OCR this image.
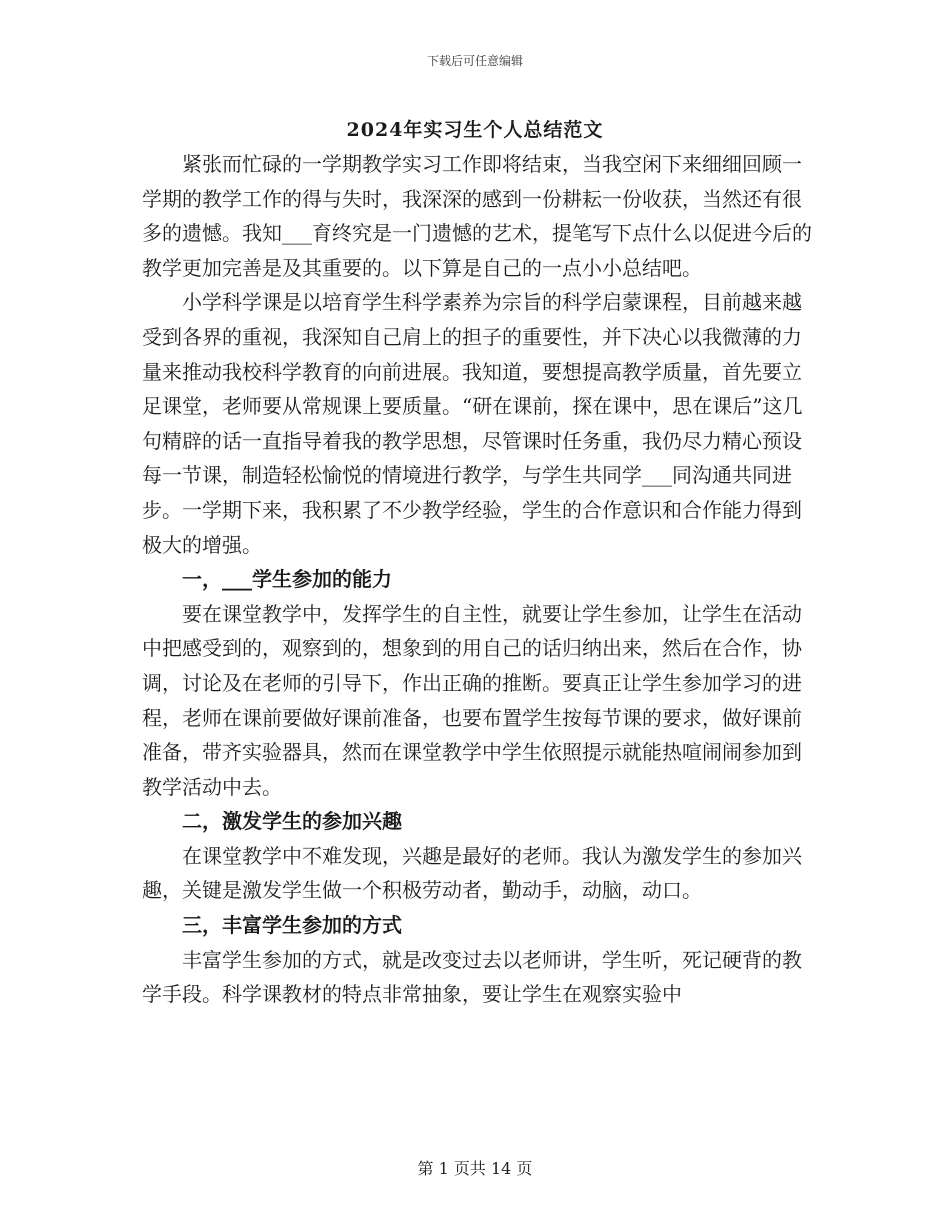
下载后可任意编辑
2024年实习生个人总结范文

紧张而忙碌的一学期教学实习工作即将结束，当我空闲下来细细回顾一学期的教学工作的得与失时，我深深的感到一份耕耘一份收获，当然还有很多的遗憾。我知___育终究是一门遗憾的艺术，提笔写下点什么以促进今后的教学更加完善是及其重要的。以下算是自己的一点小小总结吧。

小学科学课是以培育学生科学素养为宗旨的科学启蒙课程，目前越来越受到各界的重视，我深知自己肩上的担子的重要性，并下决心以我微薄的力量来推动我校科学教育的向前进展。我知道，要想提高教学质量，首先要立足课堂，老师要从常规课上要质量。“研在课前，探在课中，思在课后”这几句精辟的话一直指导着我的教学思想，尽管课时任务重，我仍尽力精心预设每一节课，制造轻松愉悦的情境进行教学，与学生共同学___同沟通共同进步。一学期下来，我积累了不少教学经验，学生的合作意识和合作能力得到极大的增强。

一，___学生参加的能力

要在课堂教学中，发挥学生的自主性，就要让学生参加，让学生在活动中把感受到的，观察到的，想象到的用自己的话归纳出来，然后在合作，协调，讨论及在老师的引导下，作出正确的推断。要真正让学生参加学习的进程，老师在课前要做好课前准备，也要布置学生按每节课的要求，做好课前准备，带齐实验器具，然而在课堂教学中学生依照提示就能热喧闹闹参加到教学活动中去。

二，激发学生的参加兴趣

在课堂教学中不难发现，兴趣是最好的老师。我认为激发学生的参加兴趣，关键是激发学生做一个积极劳动者，勤动手，动脑，动口。

三，丰富学生参加的方式

丰富学生参加的方式，就是改变过去以老师讲，学生听，死记硬背的教学手段。科学课教材的特点非常抽象，要让学生在观察实验中

第 1 页共 14 页
